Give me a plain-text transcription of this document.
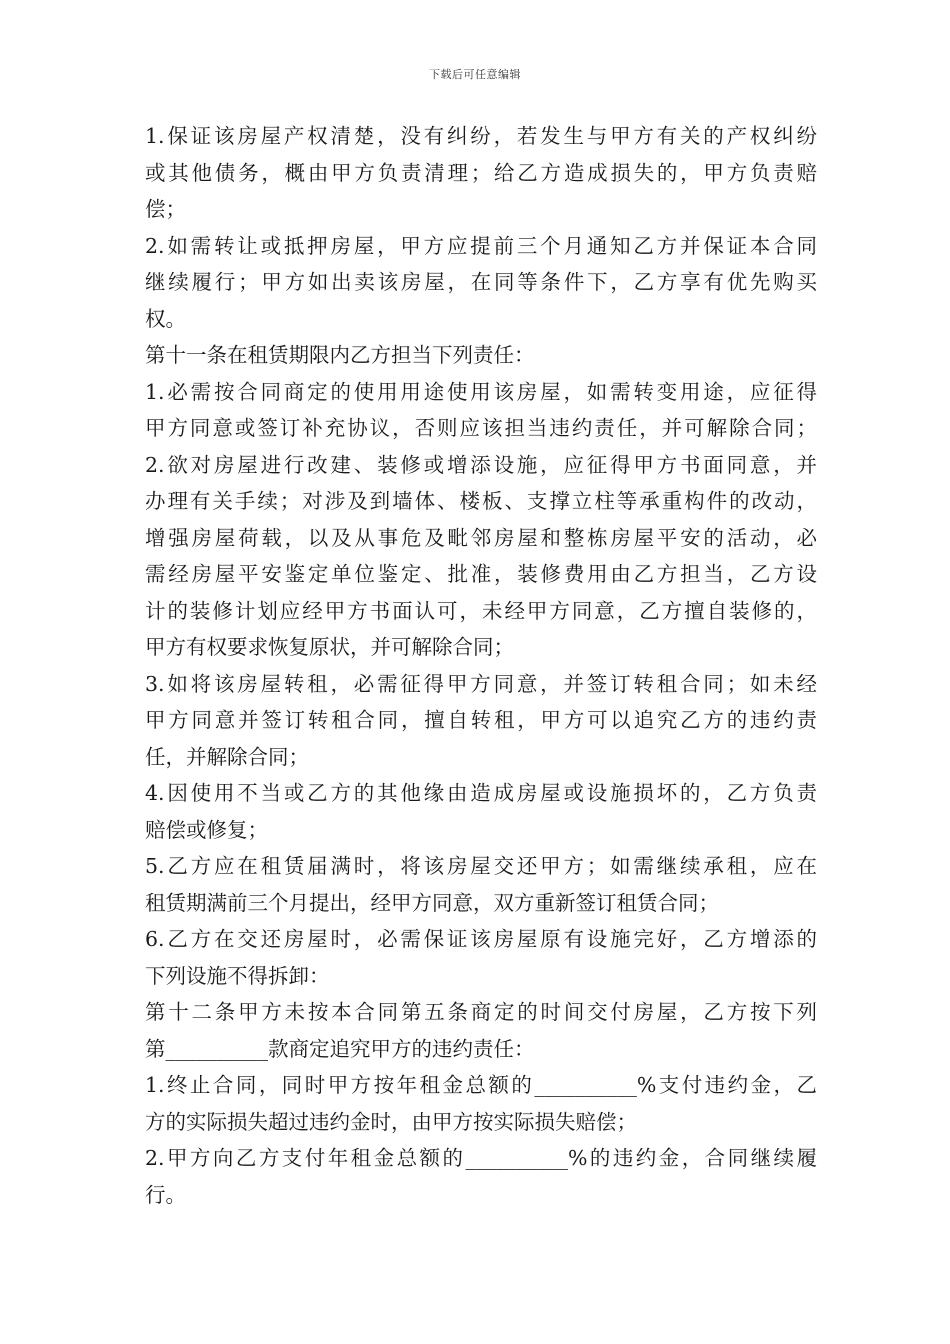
下载后可任意编辑
1.保证该房屋产权清楚，没有纠纷，若发生与甲方有关的产权纠纷
或其他债务，概由甲方负责清理；给乙方造成损失的，甲方负责赔
偿；
2.如需转让或抵押房屋，甲方应提前三个月通知乙方并保证本合同
继续履行；甲方如出卖该房屋，在同等条件下，乙方享有优先购买
权。
第十一条在租赁期限内乙方担当下列责任：
1.必需按合同商定的使用用途使用该房屋，如需转变用途，应征得
甲方同意或签订补充协议，否则应该担当违约责任，并可解除合同；
2.欲对房屋进行改建、装修或增添设施，应征得甲方书面同意，并
办理有关手续；对涉及到墙体、楼板、支撑立柱等承重构件的改动，
增强房屋荷载，以及从事危及毗邻房屋和整栋房屋平安的活动，必
需经房屋平安鉴定单位鉴定、批准，装修费用由乙方担当，乙方设
计的装修计划应经甲方书面认可，未经甲方同意，乙方擅自装修的，
甲方有权要求恢复原状，并可解除合同；
3.如将该房屋转租，必需征得甲方同意，并签订转租合同；如未经
甲方同意并签订转租合同，擅自转租，甲方可以追究乙方的违约责
任，并解除合同；
4.因使用不当或乙方的其他缘由造成房屋或设施损坏的，乙方负责
赔偿或修复；
5.乙方应在租赁届满时，将该房屋交还甲方；如需继续承租，应在
租赁期满前三个月提出，经甲方同意，双方重新签订租赁合同；
6.乙方在交还房屋时，必需保证该房屋原有设施完好，乙方增添的
下列设施不得拆卸：
第十二条甲方未按本合同第五条商定的时间交付房屋，乙方按下列
第__________款商定追究甲方的违约责任：
1.终止合同，同时甲方按年租金总额的__________%支付违约金，乙
方的实际损失超过违约金时，由甲方按实际损失赔偿；
2.甲方向乙方支付年租金总额的__________%的违约金，合同继续履
行。
